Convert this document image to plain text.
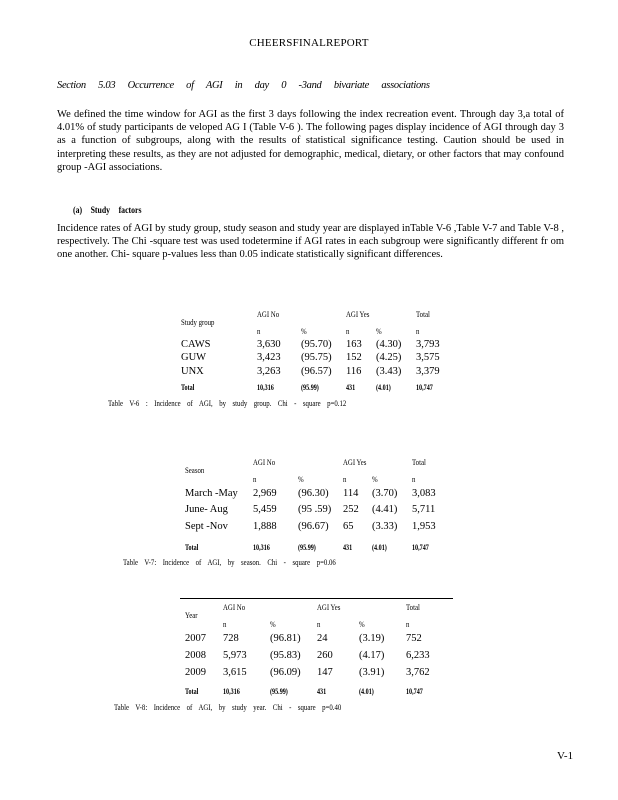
CHEERSFINALREPORT
Section 5.03 Occurrence of AGI in day 0 -3and bivariate associations
We defined the time window for AGI as the first 3 days following the index recreation event. Through day 3,a total of 4.01% of study participants de veloped AG I (Table V-6 ). The following pages display incidence of AGI through day 3 as a function of subgroups, along with the results of statistical significance testing. Caution should be used in interpreting these results, as they are not adjusted for demographic, medical, dietary, or other factors that may confound group -AGI associations.
(a) Study factors
Incidence rates of AGI by study group, study season and study year are displayed inTable V-6 ,Table V-7 and Table V-8 , respectively. The Chi -square test was used todetermine if AGI rates in each subgroup were significantly different fr om one another. Chi- square p-values less than 0.05 indicate statistically significant differences.
Study group
AGI No	AGI Yes	Total
n	%	n	%	n
CAWS	3,630 (95.70) 163 (4.30) 3,793
GUW	3,423 (95.75) 152 (4.25) 3,575
UNX	3,263 (96.57) 116 (3.43) 3,379
Total	10,316	(95.99)	431 (4.01)	10,747
Table V-6 : Incidence of AGI, by study group. Chi - square p=0.12
Season
AGI No	AGI Yes	Total
n	%	n	%	n
March -May 2,969 (96.30) 114 (3.70) 3,083
June- Aug 5,459 (95 .59) 252 (4.41) 5,711
Sept -Nov 1,888 (96.67) 65 (3.33) 1,953
Total	10,316	(95.99)	431 (4.01)	10,747
Table V-7: Incidence of AGI, by season. Chi - square p=0.06
Year
AGI No	AGI Yes	Total
n	%	n	%	n
2007 728	(96.81) 24	(3.19) 752
2008 5,973 (95.83) 260	(4.17) 6,233
2009 3,615 (96.09) 147	(3.91) 3,762
Total	10,316	(95.99)	431	(4.01)	10,747
Table V-8: Incidence of AGI, by study year. Chi - square p=0.40
V-1
